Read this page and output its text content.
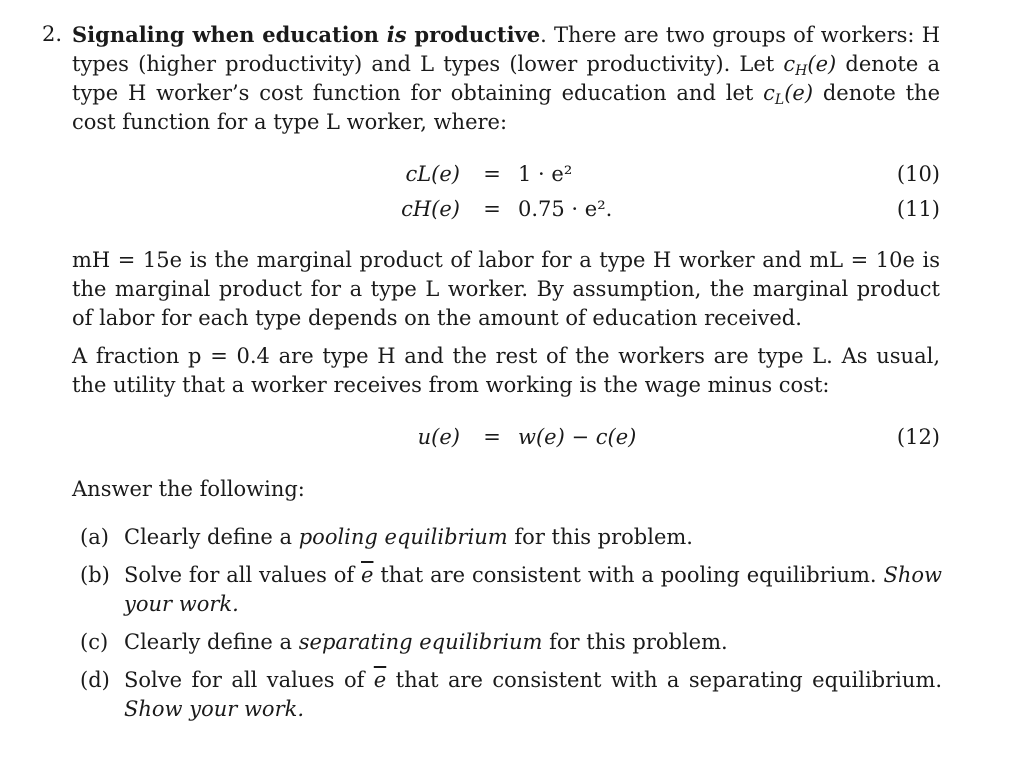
2. Signaling when education is productive. There are two groups of workers: H types (higher productivity) and L types (lower productivity). Let $c_H(e)$ denote a type H worker’s cost function for obtaining education and let $c_L(e)$ denote the cost function for a type L worker, where:

cL(e) = 1 · e²	(10)
cH(e) = 0.75 · e².	(11)

mH = 15e is the marginal product of labor for a type H worker and mL = 10e is the marginal product for a type L worker. By assumption, the marginal product of labor for each type depends on the amount of education received.

A fraction p = 0.4 are type H and the rest of the workers are type L. As usual, the utility that a worker receives from working is the wage minus cost:

u(e) = w(e) − c(e)	(12)

Answer the following:

(a) Clearly define a pooling equilibrium for this problem.
(b) Solve for all values of $\overline{e}$ that are consistent with a pooling equilibrium. Show your work.
(c) Clearly define a separating equilibrium for this problem.
(d) Solve for all values of $\overline{e}$ that are consistent with a separating equilibrium. Show your work.
